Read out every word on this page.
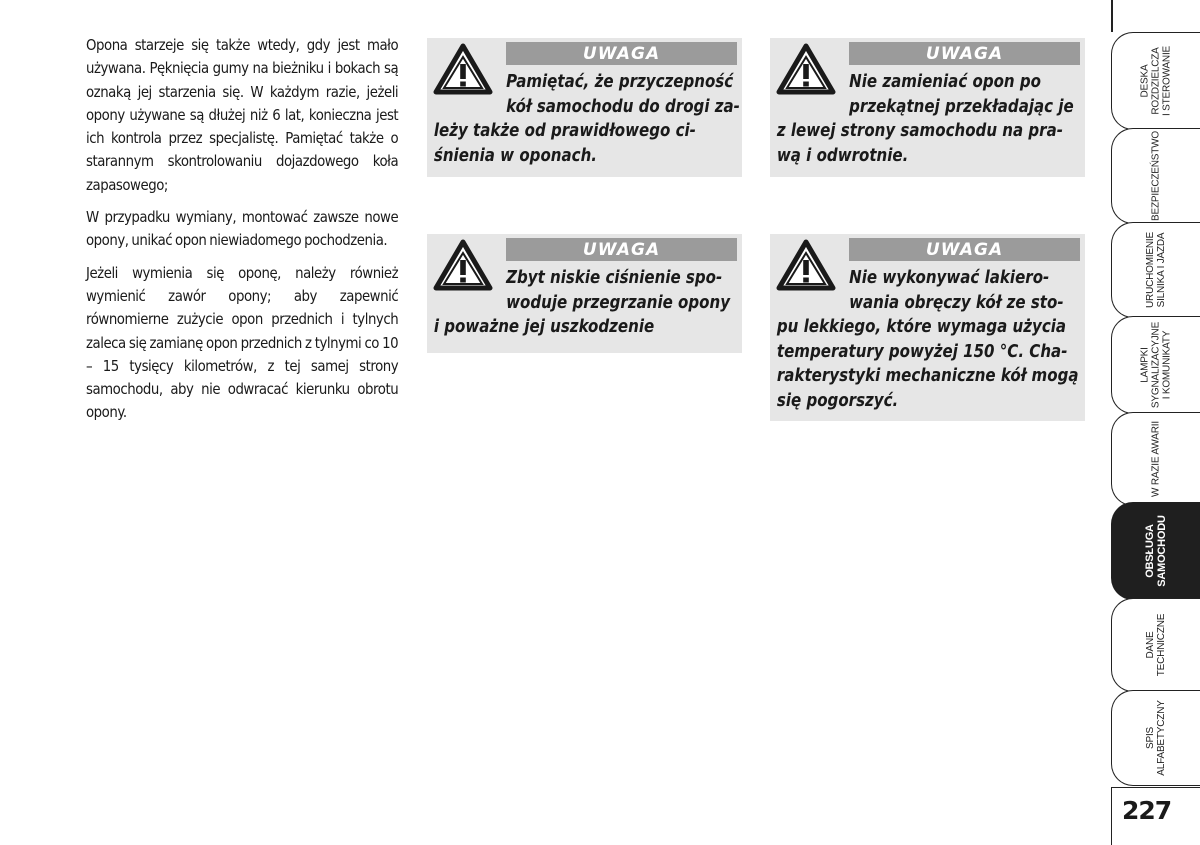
Opona starzeje się także wtedy, gdy jest mało używana. Pęknięcia gumy na bieżniku i bokach są oznaką jej starzenia się. W każdym razie, jeżeli opony używane są dłużej niż 6 lat, konieczna jest ich kontrola przez specjalistę. Pamiętać także o starannym skontrolowaniu dojazdowego koła zapasowego;

W przypadku wymiany, montować zawsze nowe opony, unikać opon niewiadomego pochodzenia.

Jeżeli wymienia się oponę, należy również wymienić zawór opony; aby zapewnić równomierne zużycie opon przednich i tylnych zaleca się zamianę opon przednich z tylnymi co 10 – 15 tysięcy kilometrów, z tej samej strony samochodu, aby nie odwracać kierunku obrotu opony.

UWAGA
Pamiętać, że przyczepność
kół samochodu do drogi za-
leży także od prawidłowego ci-
śnienia w oponach.
UWAGA
Nie zamieniać opon po
przekątnej przekładając je
z lewej strony samochodu na pra-
wą i odwrotnie.
UWAGA
Zbyt niskie ciśnienie spo-
woduje przegrzanie opony
i poważne jej uszkodzenie
UWAGA
Nie wykonywać lakiero-
wania obręczy kół ze sto-
pu lekkiego, które wymaga użycia
temperatury powyżej 150 °C. Cha-
rakterystyki mechaniczne kół mogą
się pogorszyć.
DESKA
ROZDZIELCZA
I STEROWANIE
BEZPIECZEŃSTWO
URUCHOMIENIE
SILNIKA I JAZDA
LAMPKI
SYGNALIZACYJNE
I KOMUNIKATY
W RAZIE AWARII
OBSŁUGA
SAMOCHODU
DANE
TECHNICZNE
SPIS
ALFABETYCZNY
227
